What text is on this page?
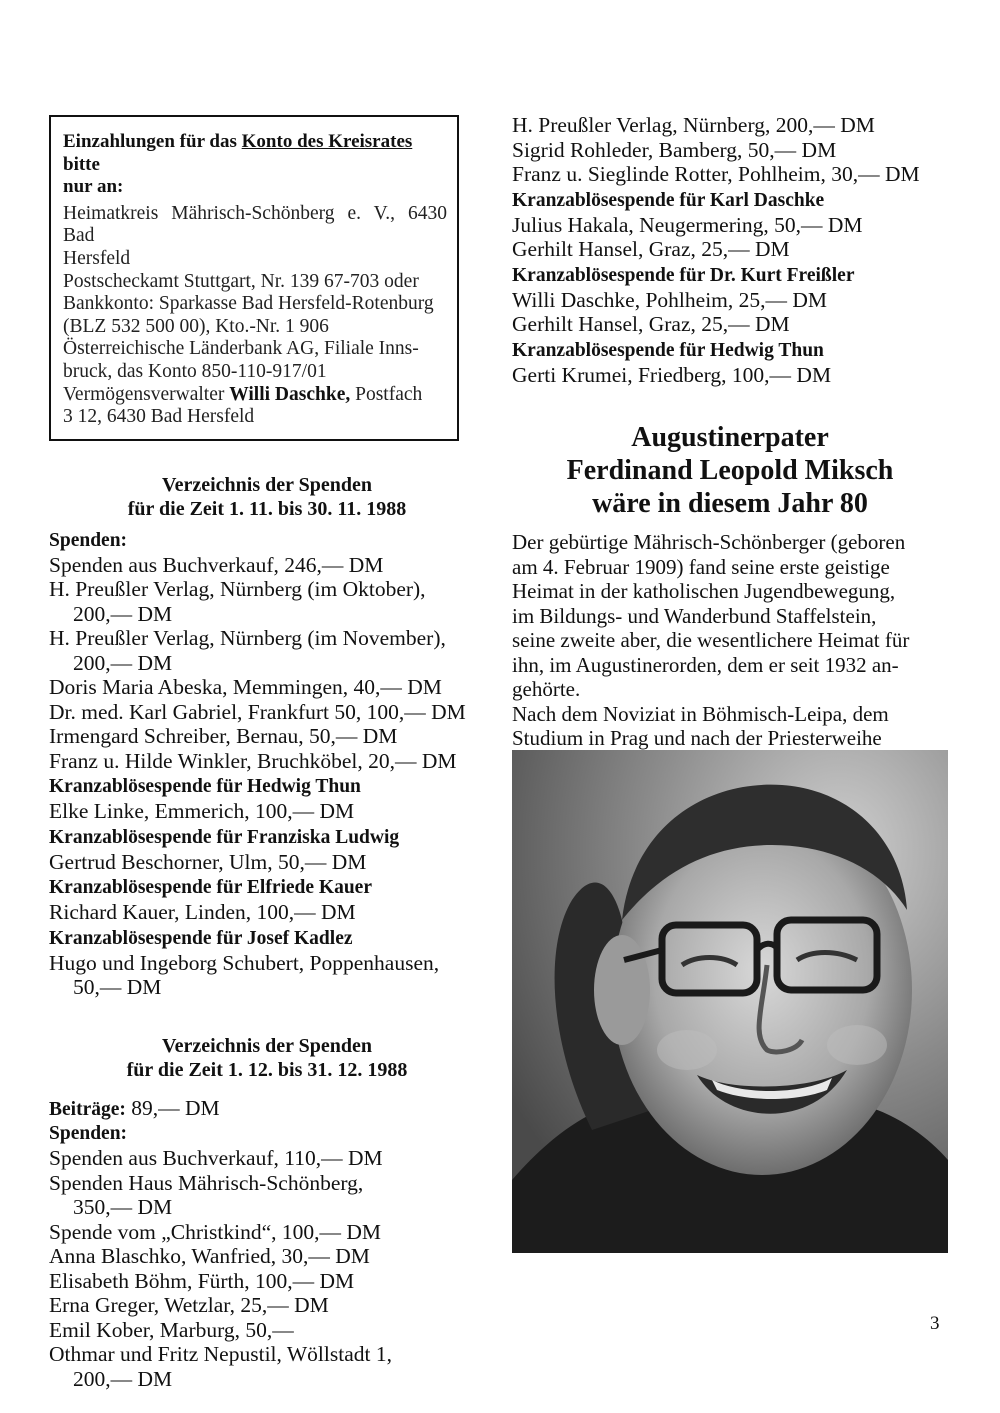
Einzahlungen für das Konto des Kreisrates bitte
nur an:
Heimatkreis Mährisch-Schönberg e. V., 6430 Bad
Hersfeld
Postscheckamt Stuttgart, Nr. 139 67-703 oder
Bankkonto: Sparkasse Bad Hersfeld-Rotenburg
(BLZ 532 500 00), Kto.-Nr. 1 906
Österreichische Länderbank AG, Filiale Inns-
bruck, das Konto 850-110-917/01
Vermögensverwalter Willi Daschke, Postfach
3 12, 6430 Bad Hersfeld
Verzeichnis der Spenden
für die Zeit 1. 11. bis 30. 11. 1988
Spenden:
Spenden aus Buchverkauf, 246,— DM
H. Preußler Verlag, Nürnberg (im Oktober),
200,— DM
H. Preußler Verlag, Nürnberg (im November),
200,— DM
Doris Maria Abeska, Memmingen, 40,— DM
Dr. med. Karl Gabriel, Frankfurt 50, 100,— DM
Irmengard Schreiber, Bernau, 50,— DM
Franz u. Hilde Winkler, Bruchköbel, 20,— DM
Kranzablösespende für Hedwig Thun
Elke Linke, Emmerich, 100,— DM
Kranzablösespende für Franziska Ludwig
Gertrud Beschorner, Ulm, 50,— DM
Kranzablösespende für Elfriede Kauer
Richard Kauer, Linden, 100,— DM
Kranzablösespende für Josef Kadlez
Hugo und Ingeborg Schubert, Poppenhausen,
50,— DM
Verzeichnis der Spenden
für die Zeit 1. 12. bis 31. 12. 1988
Beiträge: 89,— DM
Spenden:
Spenden aus Buchverkauf, 110,— DM
Spenden Haus Mährisch-Schönberg,
350,— DM
Spende vom „Christkind“, 100,— DM
Anna Blaschko, Wanfried, 30,— DM
Elisabeth Böhm, Fürth, 100,— DM
Erna Greger, Wetzlar, 25,— DM
Emil Kober, Marburg, 50,—
Othmar und Fritz Nepustil, Wöllstadt 1,
200,— DM
H. Preußler Verlag, Nürnberg, 200,— DM
Sigrid Rohleder, Bamberg, 50,— DM
Franz u. Sieglinde Rotter, Pohlheim, 30,— DM
Kranzablösespende für Karl Daschke
Julius Hakala, Neugermering, 50,— DM
Gerhilt Hansel, Graz, 25,— DM
Kranzablösespende für Dr. Kurt Freißler
Willi Daschke, Pohlheim, 25,— DM
Gerhilt Hansel, Graz, 25,— DM
Kranzablösespende für Hedwig Thun
Gerti Krumei, Friedberg, 100,— DM
Augustinerpater
Ferdinand Leopold Miksch
wäre in diesem Jahr 80
Der gebürtige Mährisch-Schönberger (geboren
am 4. Februar 1909) fand seine erste geistige
Heimat in der katholischen Jugendbewegung,
im Bildungs- und Wanderbund Staffelstein,
seine zweite aber, die wesentlichere Heimat für
ihn, im Augustinerorden, dem er seit 1932 an-
gehörte.
Nach dem Noviziat in Böhmisch-Leipa, dem
Studium in Prag und nach der Priesterweihe
3
